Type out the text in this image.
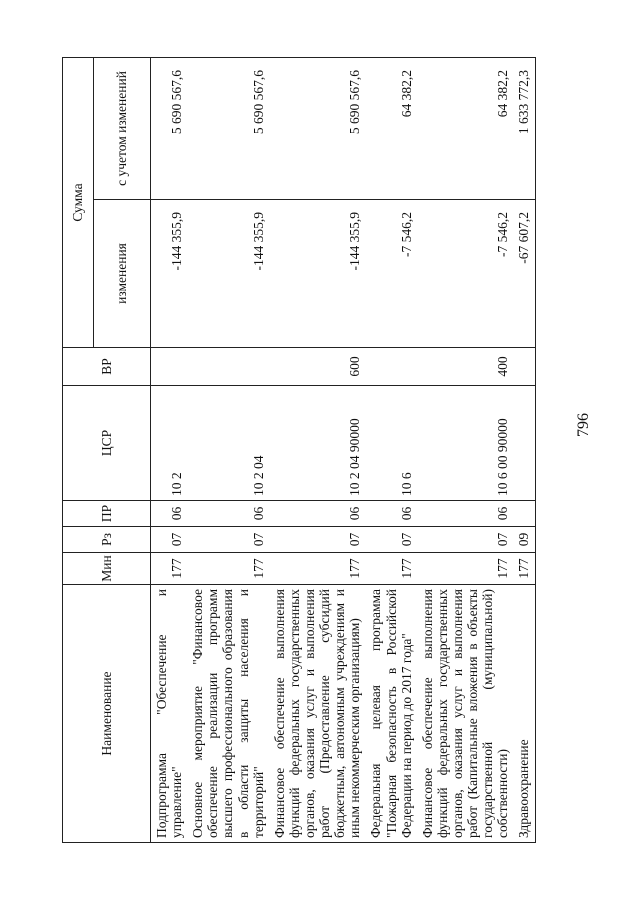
796
Наименование	Мин	Рз	ПР	ЦСР	ВР	Сумма	
						изменения	с учетом изменений
Подпрограмма "Обеспечение и управление"	177	07	06	10 2		-144 355,9	5 690 567,6
Основное мероприятие "Финансовое обеспечение реализации программ высшего профессионального образования в области защиты населения и территорий"	177	07	06	10 2 04		-144 355,9	5 690 567,6
Финансовое обеспечение выполнения функций федеральных государственных органов, оказания услуг и выполнения работ (Предоставление субсидий бюджетным, автономным учреждениям и иным некоммерческим организациям)	177	07	06	10 2 04 90000	600	-144 355,9	5 690 567,6
Федеральная целевая программа "Пожарная безопасность в Российской Федерации на период до 2017 года"	177	07	06	10 6		-7 546,2	64 382,2
Финансовое обеспечение выполнения функций федеральных государственных органов, оказания услуг и выполнения работ (Капитальные вложения в объекты государственной (муниципальной) собственности)	177	07	06	10 6 00 90000	400	-7 546,2	64 382,2
Здравоохранение	177	09				-67 607,2	1 633 772,3
